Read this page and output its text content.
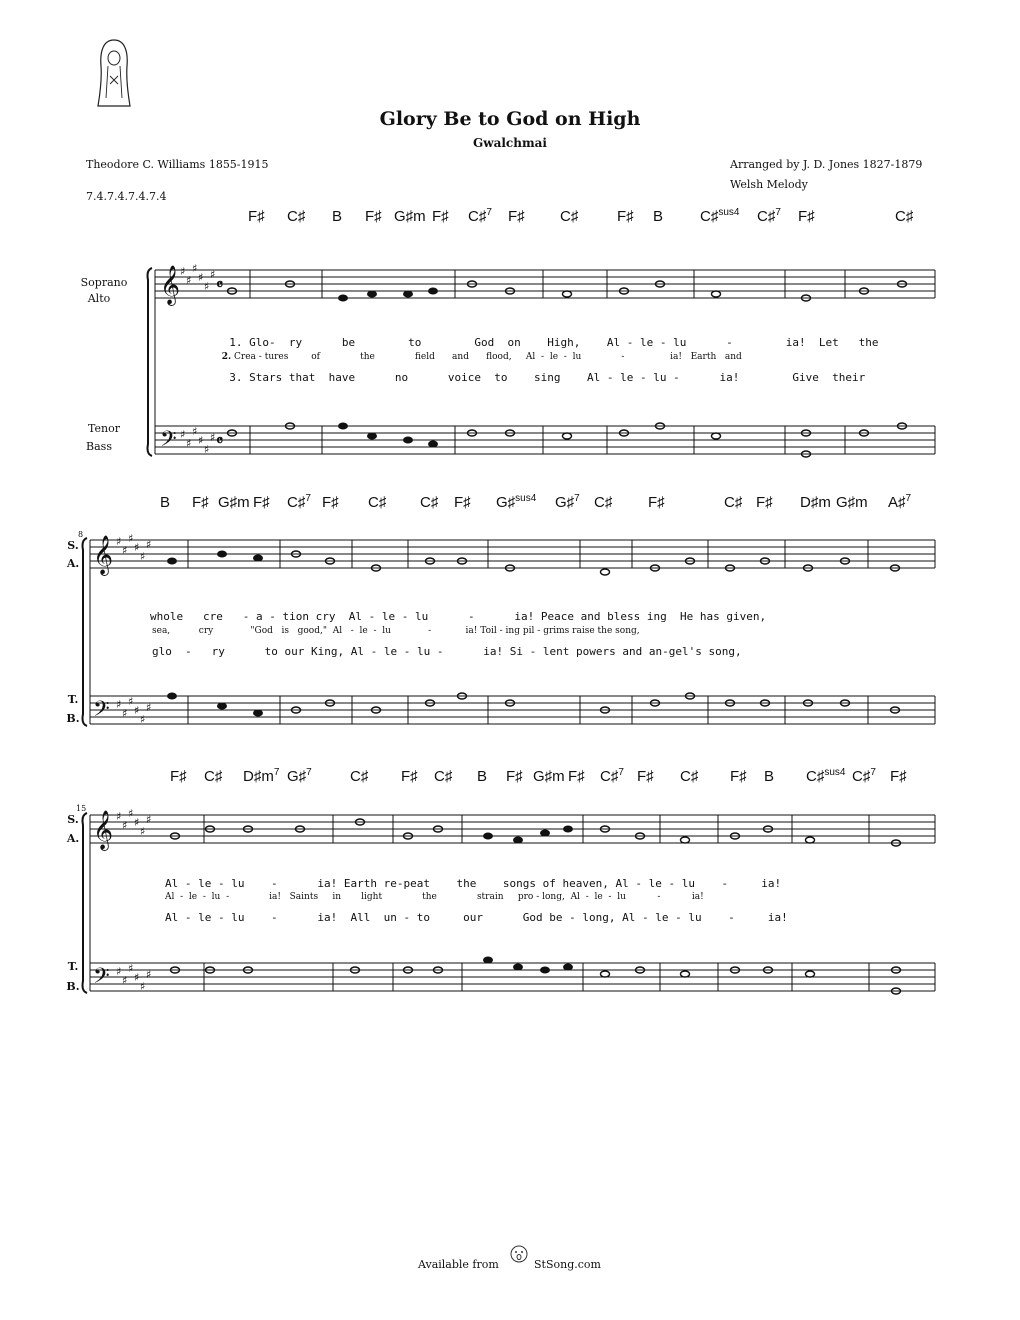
Glory Be to God on High
Gwalchmai
Theodore C. Williams 1855-1915
7.4.7.4.7.4.7.4
Arranged by J. D. Jones 1827-1879
Welsh Melody
F♯ C♯ B F♯ G♯m F♯ C♯$^7$ F♯ C♯	F♯ B C♯$^{sus4}$ C♯$^7$ F♯	C♯
Soprano
Alto
Tenor
Bass
𝄞
𝄢
𝄞
𝄢
𝄞
𝄢
♯
♯
♯
♯
♯
♯
♯
♯
♯
♯
♯
♯
♯
♯
♯
♯
♯
♯
♯
♯
♯
♯
♯
♯
♯
♯
♯
♯
♯
♯
♯
♯
♯
♯
♯
♯
𝄴
𝄴

1. Glo- ry	be	to	God on High, Al - le - lu	-	ia! Let the

2. Crea - tures	of	the	field and flood, Al - le - lu	-	ia! Earth and

3. Stars that have	no	voice to sing Al - le - lu -	ia!	Give their

B F♯ G♯m F♯ C♯$^7$ F♯ C♯ C♯ F♯ G♯$^{sus4}$ G♯$^7$ C♯ F♯	C♯ F♯ D♯m G♯m A♯$^7$
8
S.
A.
T.
B.

whole cre - a - tion cry Al - le - lu	-	ia! Peace and bless ing He has given,

sea,	cry	"God is good," Al - le - lu	-	ia! Toil - ing pil - grims raise the song,

glo - ry	to our King, Al - le - lu -	ia! Si - lent powers and an-gel's song,

F♯ C♯ $D♯m^7$ G♯$^7$	C♯ F♯ C♯ B F♯ G♯m F♯ C♯$^7$ F♯ C♯ F♯ B C♯$^{sus4}$ C♯$^7$ F♯
15
S.
A.
T.
B.

Al - le - lu -	ia! Earth re-peat the songs of heaven, Al - le - lu -	ia!

Al - le - lu -	ia! Saints in light	the	strain pro - long, Al - le - lu	-	ia!

Al - le - lu -	ia! All un - to	our	God be - long, Al - le - lu -	ia!

Available from	StSong.com
